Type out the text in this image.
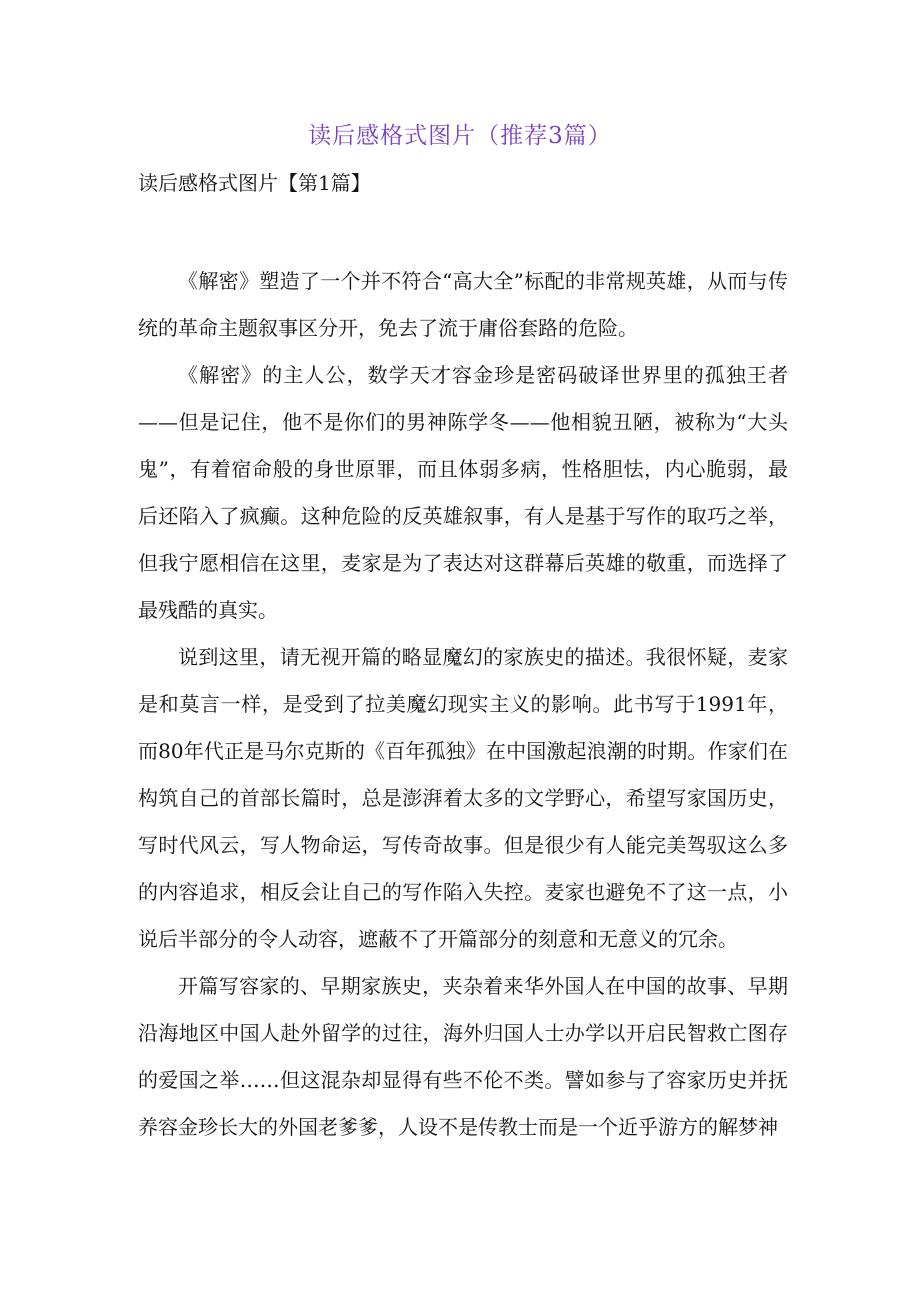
读后感格式图片（推荐3篇）
读后感格式图片【第1篇】

《解密》塑造了一个并不符合“高大全”标配的非常规英雄，从而与传统的革命主题叙事区分开，免去了流于庸俗套路的危险。

《解密》的主人公，数学天才容金珍是密码破译世界里的孤独王者——但是记住，他不是你们的男神陈学冬——他相貌丑陋，被称为“大头鬼”，有着宿命般的身世原罪，而且体弱多病，性格胆怯，内心脆弱，最后还陷入了疯癫。这种危险的反英雄叙事，有人是基于写作的取巧之举，但我宁愿相信在这里，麦家是为了表达对这群幕后英雄的敬重，而选择了最残酷的真实。

说到这里，请无视开篇的略显魔幻的家族史的描述。我很怀疑，麦家是和莫言一样，是受到了拉美魔幻现实主义的影响。此书写于1991年，而80年代正是马尔克斯的《百年孤独》在中国激起浪潮的时期。作家们在构筑自己的首部长篇时，总是澎湃着太多的文学野心，希望写家国历史，写时代风云，写人物命运，写传奇故事。但是很少有人能完美驾驭这么多的内容追求，相反会让自己的写作陷入失控。麦家也避免不了这一点，小说后半部分的令人动容，遮蔽不了开篇部分的刻意和无意义的冗余。

开篇写容家的、早期家族史，夹杂着来华外国人在中国的故事、早期沿海地区中国人赴外留学的过往，海外归国人士办学以开启民智救亡图存的爱国之举……但这混杂却显得有些不伦不类。譬如参与了容家历史并抚养容金珍长大的外国老爹爹，人设不是传教士而是一个近乎游方的解梦神
